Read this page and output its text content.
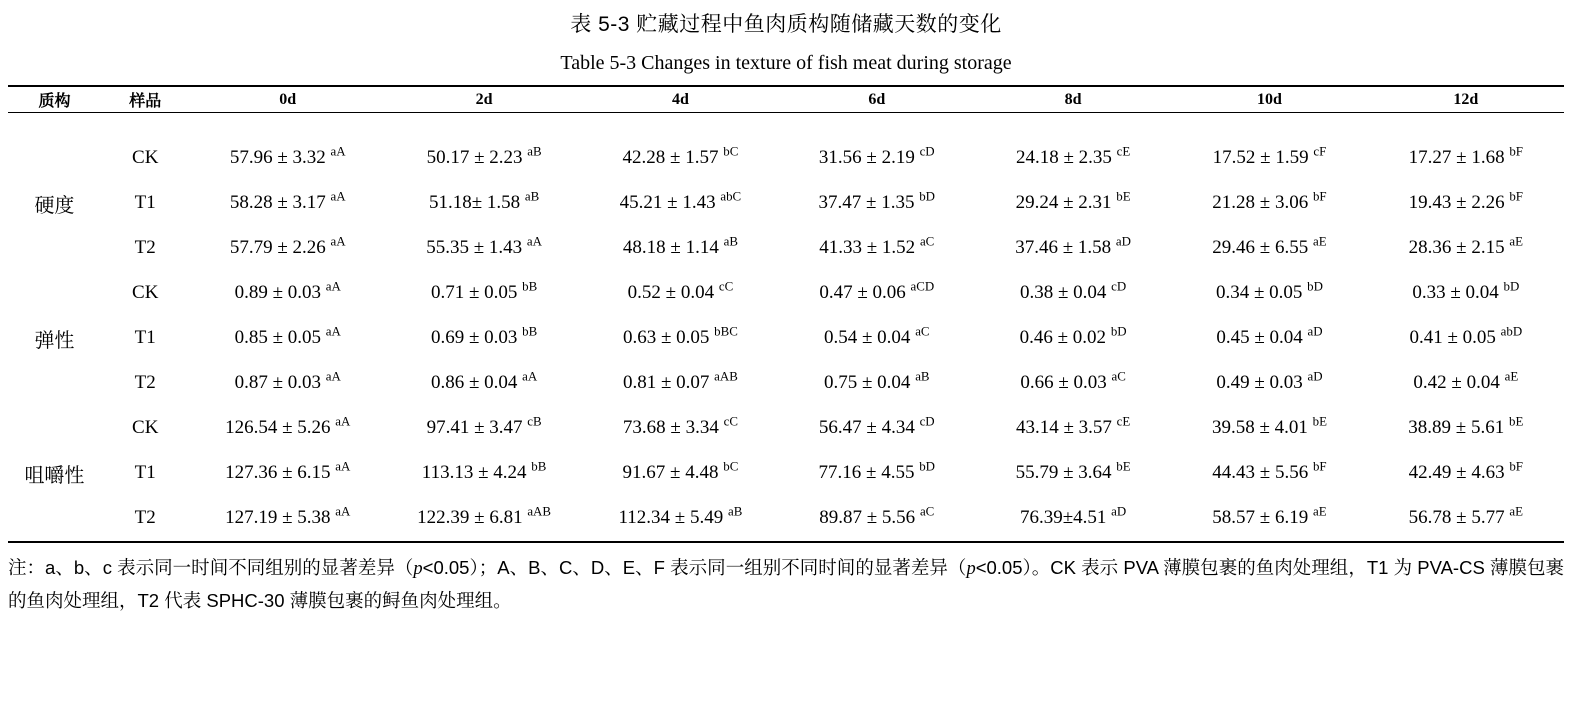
表 5-3 贮藏过程中鱼肉质构随储藏天数的变化
Table 5-3 Changes in texture of fish meat during storage

质构	样品	0d	2d	4d	6d	8d	10d	12d

硬度	CK	57.96 ± 3.32 $^{aA}$	50.17 ± 2.23 $^{aB}$	42.28 ± 1.57 $^{bC}$	31.56 ± 2.19 $^{cD}$	24.18 ± 2.35 $^{cE}$	17.52 ± 1.59 $^{cF}$	17.27 ± 1.68 $^{bF}$
	T1	58.28 ± 3.17 $^{aA}$	51.18± 1.58 $^{aB}$	45.21 ± 1.43 $^{abC}$	37.47 ± 1.35 $^{bD}$	29.24 ± 2.31 $^{bE}$	21.28 ± 3.06 $^{bF}$	19.43 ± 2.26 $^{bF}$
	T2	57.79 ± 2.26 $^{aA}$	55.35 ± 1.43 $^{aA}$	48.18 ± 1.14 $^{aB}$	41.33 ± 1.52 $^{aC}$	37.46 ± 1.58 $^{aD}$	29.46 ± 6.55 $^{aE}$	28.36 ± 2.15 $^{aE}$
弹性	CK	0.89 ± 0.03 $^{aA}$	0.71 ± 0.05 $^{bB}$	0.52 ± 0.04 $^{cC}$	0.47 ± 0.06 $^{aCD}$	0.38 ± 0.04 $^{cD}$	0.34 ± 0.05 $^{bD}$	0.33 ± 0.04 $^{bD}$
	T1	0.85 ± 0.05 $^{aA}$	0.69 ± 0.03 $^{bB}$	0.63 ± 0.05 $^{bBC}$	0.54 ± 0.04 $^{aC}$	0.46 ± 0.02 $^{bD}$	0.45 ± 0.04 $^{aD}$	0.41 ± 0.05 $^{abD}$
	T2	0.87 ± 0.03 $^{aA}$	0.86 ± 0.04 $^{aA}$	0.81 ± 0.07 $^{aAB}$	0.75 ± 0.04 $^{aB}$	0.66 ± 0.03 $^{aC}$	0.49 ± 0.03 $^{aD}$	0.42 ± 0.04 $^{aE}$
咀嚼性	CK	126.54 ± 5.26 $^{aA}$	97.41 ± 3.47 $^{cB}$	73.68 ± 3.34 $^{cC}$	56.47 ± 4.34 $^{cD}$	43.14 ± 3.57 $^{cE}$	39.58 ± 4.01 $^{bE}$	38.89 ± 5.61 $^{bE}$
	T1	127.36 ± 6.15 $^{aA}$	113.13 ± 4.24 $^{bB}$	91.67 ± 4.48 $^{bC}$	77.16 ± 4.55 $^{bD}$	55.79 ± 3.64 $^{bE}$	44.43 ± 5.56 $^{bF}$	42.49 ± 4.63 $^{bF}$
	T2	127.19 ± 5.38 $^{aA}$	122.39 ± 6.81 $^{aAB}$	112.34 ± 5.49 $^{aB}$	89.87 ± 5.56 $^{aC}$	76.39±4.51 $^{aD}$	58.57 ± 6.19 $^{aE}$	56.78 ± 5.77 $^{aE}$

注：a、b、c 表示同一时间不同组别的显著差异（p<0.05）；A、B、C、D、E、F 表示同一组别不同时间的显著差异（p<0.05）。CK 表示 PVA 薄膜包裹的鱼肉处理组，T1 为 PVA-CS 薄膜包裹的鱼肉处理组，T2 代表 SPHC-30 薄膜包裹的鲟鱼肉处理组。
